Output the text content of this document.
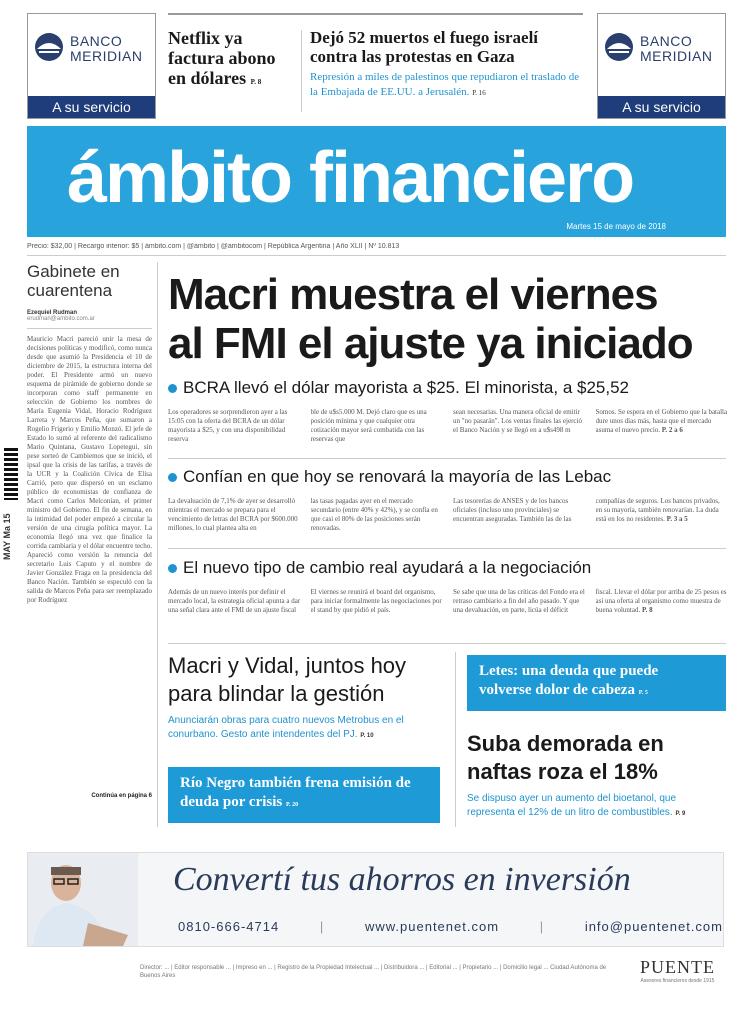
BANCO
MERIDIAN
A su servicio
BANCO
MERIDIAN
A su servicio
Netflix ya factura abono en dólares P. 8
Dejó 52 muertos el fuego israelí contra las protestas en Gaza
Represión a miles de palestinos que repudiaron el traslado de la Embajada de EE.UU. a Jerusalén. P. 16
ámbito financiero
Martes 15 de mayo de 2018
Precio: $32,00 | Recargo interior: $5 | ámbito.com | @ámbito | @ambitocom | República Argentina | Año XLII | Nº 10.813
Gabinete en cuarentena
Ezequiel Rudman
erudman@ambito.com.ar
Mauricio Macri pareció unir la mesa de decisiones políticas y modificó, como nunca desde que asumió la Presidencia el 10 de diciembre de 2015, la estructura interna del poder. El Presidente armó un nuevo esquema de pirámide de gobierno donde se incorporan como staff permanente en selección de Gobierno los nombres de María Eugenia Vidal, Horacio Rodríguez Larreta y Marcos Peña, que sumaron a Rogelio Frigerio y Emilio Monzó. El jefe de Estado lo sumó al referente del radicalismo Mario Quintana, Gustavo Lopetegui, sin pese sorteó de Cambiemos que se inició, el ipsal que la crisis de las tarifas, a través de la UCR y la Coalición Cívica de Elisa Carrió, pero que dispersó en un esclamo público de economistas de confianza de Macri como Carlos Melconian, el primer ministro del Gobierno. El fin de semana, en la intimidad del poder empezó a circular la versión de una cirugía política mayor. La economía llegó una vez que finalice la corrida cambiaria y el dólar encuentre techo. Apareció como versión la renuncia del secretario Luis Caputo y el nombre de Javier González Fraga en la presidencia del Banco Nación. También se especuló con la salida de Marcos Peña para ser reemplazado por Rodríguez
Continúa en página 6
MAY Ma 15
Macri muestra el viernes
al FMI el ajuste ya iniciado
BCRA llevó el dólar mayorista a $25. El minorista, a $25,52
Los operadores se sorprendieron ayer a las 15:05 con la oferta del BCRA de un dólar mayorista a $25, y con una disponibilidad reserva
ble de u$s5.000 M. Dejó claro que es una posición mínima y que cualquier otra cotización mayor será combatida con las reservas que
sean necesarias. Una manera oficial de emitir un "no pasarán". Los ventas finales las ejerció el Banco Nación y se llegó en a u$s498 m
Somos. Se espera en el Gobierno que la batalla dure unos días más, hasta que el mercado asuma el nuevo precio. P. 2 a 6
Confían en que hoy se renovará la mayoría de las Lebac
La devaluación de 7,1% de ayer se desarrolló mientras el mercado se prepara para el vencimiento de letras del BCRA por $600.000 millones, lo cual plantea alta en
las tasas pagadas ayer en el mercado secundario (entre 40% y 42%), y se confía en que casi el 80% de las posiciones serán renovadas.
Las tesorerías de ANSES y de los bancos oficiales (incluso uno provinciales) se encuentran aseguradas. También las de las
compañías de seguros. Los bancos privados, en su mayoría, también renovarían. La duda está en los no residentes. P. 3 a 5
El nuevo tipo de cambio real ayudará a la negociación
Además de un nuevo interés por definir el mercado local, la estrategia oficial apunta a dar una señal clara ante el FMI de un ajuste fiscal
El viernes se reunirá el board del organismo, para iniciar formalmente las negociaciones por el stand by que pidió el país.
Se sabe que una de las críticas del Fondo era el retraso cambiario a fin del año pasado. Y que una devaluación, en parte, licúa el déficit
fiscal. Llevar el dólar por arriba de 25 pesos es así una oferta al organismo como muestra de buena voluntad. P. 8
Macri y Vidal, juntos hoy para blindar la gestión
Anunciarán obras para cuatro nuevos Metrobus en el conurbano. Gesto ante intendentes del PJ. P. 10
Río Negro también frena emisión de deuda por crisis P. 20
Letes: una deuda que puede volverse dolor de cabeza P. 5
Suba demorada en naftas roza el 18%
Se dispuso ayer un aumento del bioetanol, que representa el 12% de un litro de combustibles. P. 9
Convertí tus ahorros en inversión
0810-666-4714	|	www.puentenet.com	|	info@puentenet.com
Director: ... | Editor responsable ... | Impreso en ... | Registro de la Propiedad Intelectual ... | Distribuidora ... | Editorial ... | Propietario ... | Domicilio legal ... Ciudad Autónoma de Buenos Aires	PUENTE
Asesores financieros desde 1915
